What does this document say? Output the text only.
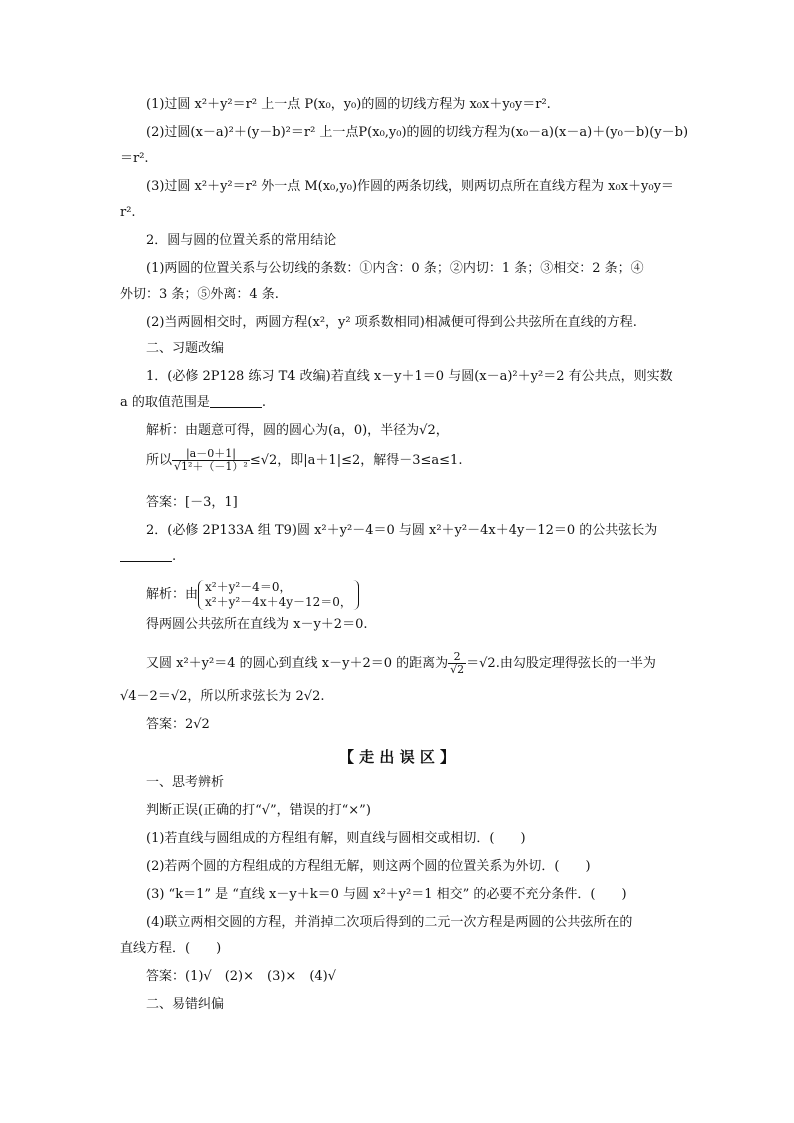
(1)过圆 x²＋y²＝r² 上一点 P(x₀，y₀)的圆的切线方程为 x₀x＋y₀y＝r².
(2)过圆(x－a)²＋(y－b)²＝r² 上一点P(x₀,y₀)的圆的切线方程为(x₀－a)(x－a)＋(y₀－b)(y－b)
＝r².
(3)过圆 x²＋y²＝r² 外一点 M(x₀,y₀)作圆的两条切线，则两切点所在直线方程为 x₀x＋y₀y＝
r².
2．圆与圆的位置关系的常用结论
(1)两圆的位置关系与公切线的条数：①内含：0 条；②内切：1 条；③相交：2 条；④
外切：3 条；⑤外离：4 条.
(2)当两圆相交时，两圆方程(x²，y² 项系数相同)相减便可得到公共弦所在直线的方程.
二、习题改编
1．(必修 2P128 练习 T4 改编)若直线 x－y＋1＝0 与圆(x－a)²＋y²＝2 有公共点，则实数
a 的取值范围是	.
解析：由题意可得，圆的圆心为(a，0)，半径为√2，
所以 $\frac{|a-0+1|}{\text{√1²＋（－1）²}} \le√2$，即|a＋1|≤2，解得－3≤a≤1.
答案：[－3，1]
2．(必修 2P133A 组 T9)圆 x²＋y²－4＝0 与圆 x²＋y²－4x＋4y－12＝0 的公共弦长为
.
解析：由
x²＋y²－4＝0，
x²＋y²－4x＋4y－12＝0，
得两圆公共弦所在直线为 x－y＋2＝0.
又圆 x²＋y²＝4 的圆心到直线 x－y＋2＝0 的距离为 $\frac{2}{√2} =√2$.由勾股定理得弦长的一半为
√4－2＝√2，所以所求弦长为 2√2.
答案：2√2
【 走 出 误 区 】
一、思考辨析
判断正误(正确的打“√”，错误的打“×”)
(1)若直线与圆组成的方程组有解，则直线与圆相交或相切．(　　)
(2)若两个圆的方程组成的方程组无解，则这两个圆的位置关系为外切．(　　)
(3) “k＝1” 是 “直线 x－y＋k＝0 与圆 x²＋y²＝1 相交” 的必要不充分条件．(　　)
(4)联立两相交圆的方程，并消掉二次项后得到的二元一次方程是两圆的公共弦所在的
直线方程．(　　)
答案：(1)√　(2)×　(3)×　(4)√
二、易错纠偏
